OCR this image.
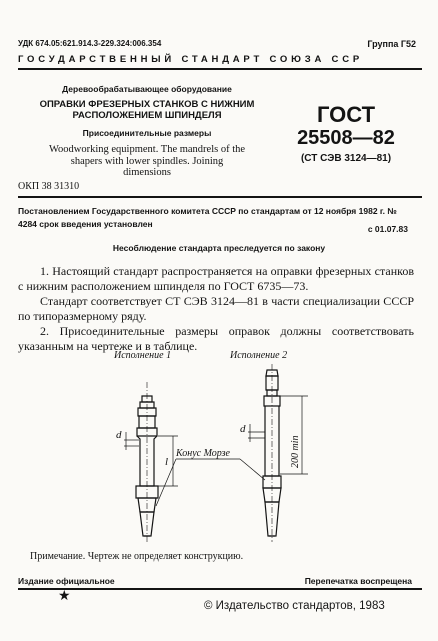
УДК 674.05:621.914.3-229.324:006.354	Группа Г52
ГОСУДАРСТВЕННЫЙ СТАНДАРТ СОЮЗА ССР
Деревообрабатывающее оборудование
ОПРАВКИ ФРЕЗЕРНЫХ СТАНКОВ С НИЖНИМ
РАСПОЛОЖЕНИЕМ ШПИНДЕЛЯ
Присоединительные размеры
Woodworking equipment. The mandrels of the
shapers with lower spindles. Joining
dimensions
ГОСТ
25508—82
(СТ СЭВ 3124—81)
ОКП 38 31310
Постановлением Государственного комитета СССР по стандартам от 12 ноября 1982 г. № 4284 срок введения установлен	с 01.07.83
Несоблюдение стандарта преследуется по закону

1. Настоящий стандарт распространяется на оправки фрезерных станков с нижним расположением шпинделя по ГОСТ 6735—73.

Стандарт соответствует СТ СЭВ 3124—81 в части специализации СССР по типоразмерному ряду.

2. Присоединительные размеры оправок должны соответствовать указанным на чертеже и в таблице.

Исполнение 1	Исполнение 2
d
l
Конус Морзе
d
200 min
Примечание. Чертеж не определяет конструкцию.
Издание официальное	Перепечатка воспрещена
★
© Издательство стандартов, 1983
